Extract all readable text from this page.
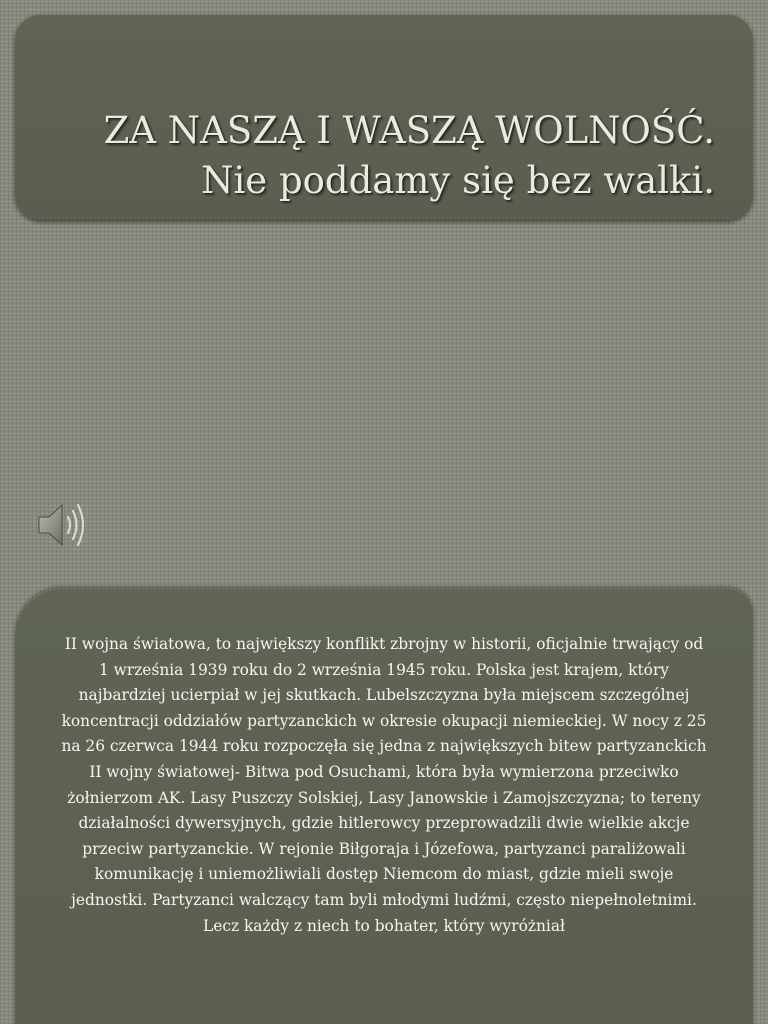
ZA NASZĄ I WASZĄ WOLNOŚĆ.
Nie poddamy się bez walki.

II wojna światowa, to największy konflikt zbrojny w historii, oficjalnie trwający od 1 września 1939 roku do 2 września 1945 roku. Polska jest krajem, który najbardziej ucierpiał w jej skutkach. Lubelszczyzna była miejscem szczególnej koncentracji oddziałów partyzanckich w okresie okupacji niemieckiej. W nocy z 25 na 26 czerwca 1944 roku rozpoczęła się jedna z największych bitew partyzanckich II wojny światowej- Bitwa pod Osuchami, która była wymierzona przeciwko żołnierzom AK. Lasy Puszczy Solskiej, Lasy Janowskie i Zamojszczyzna; to tereny działalności dywersyjnych, gdzie hitlerowcy przeprowadzili dwie wielkie akcje przeciw partyzanckie. W rejonie Biłgoraja i Józefowa, partyzanci paraliżowali komunikację i uniemożliwiali dostęp Niemcom do miast, gdzie mieli swoje jednostki. Partyzanci walczący tam byli młodymi ludźmi, często niepełnoletnimi. Lecz każdy z niech to bohater, który wyróżniał
